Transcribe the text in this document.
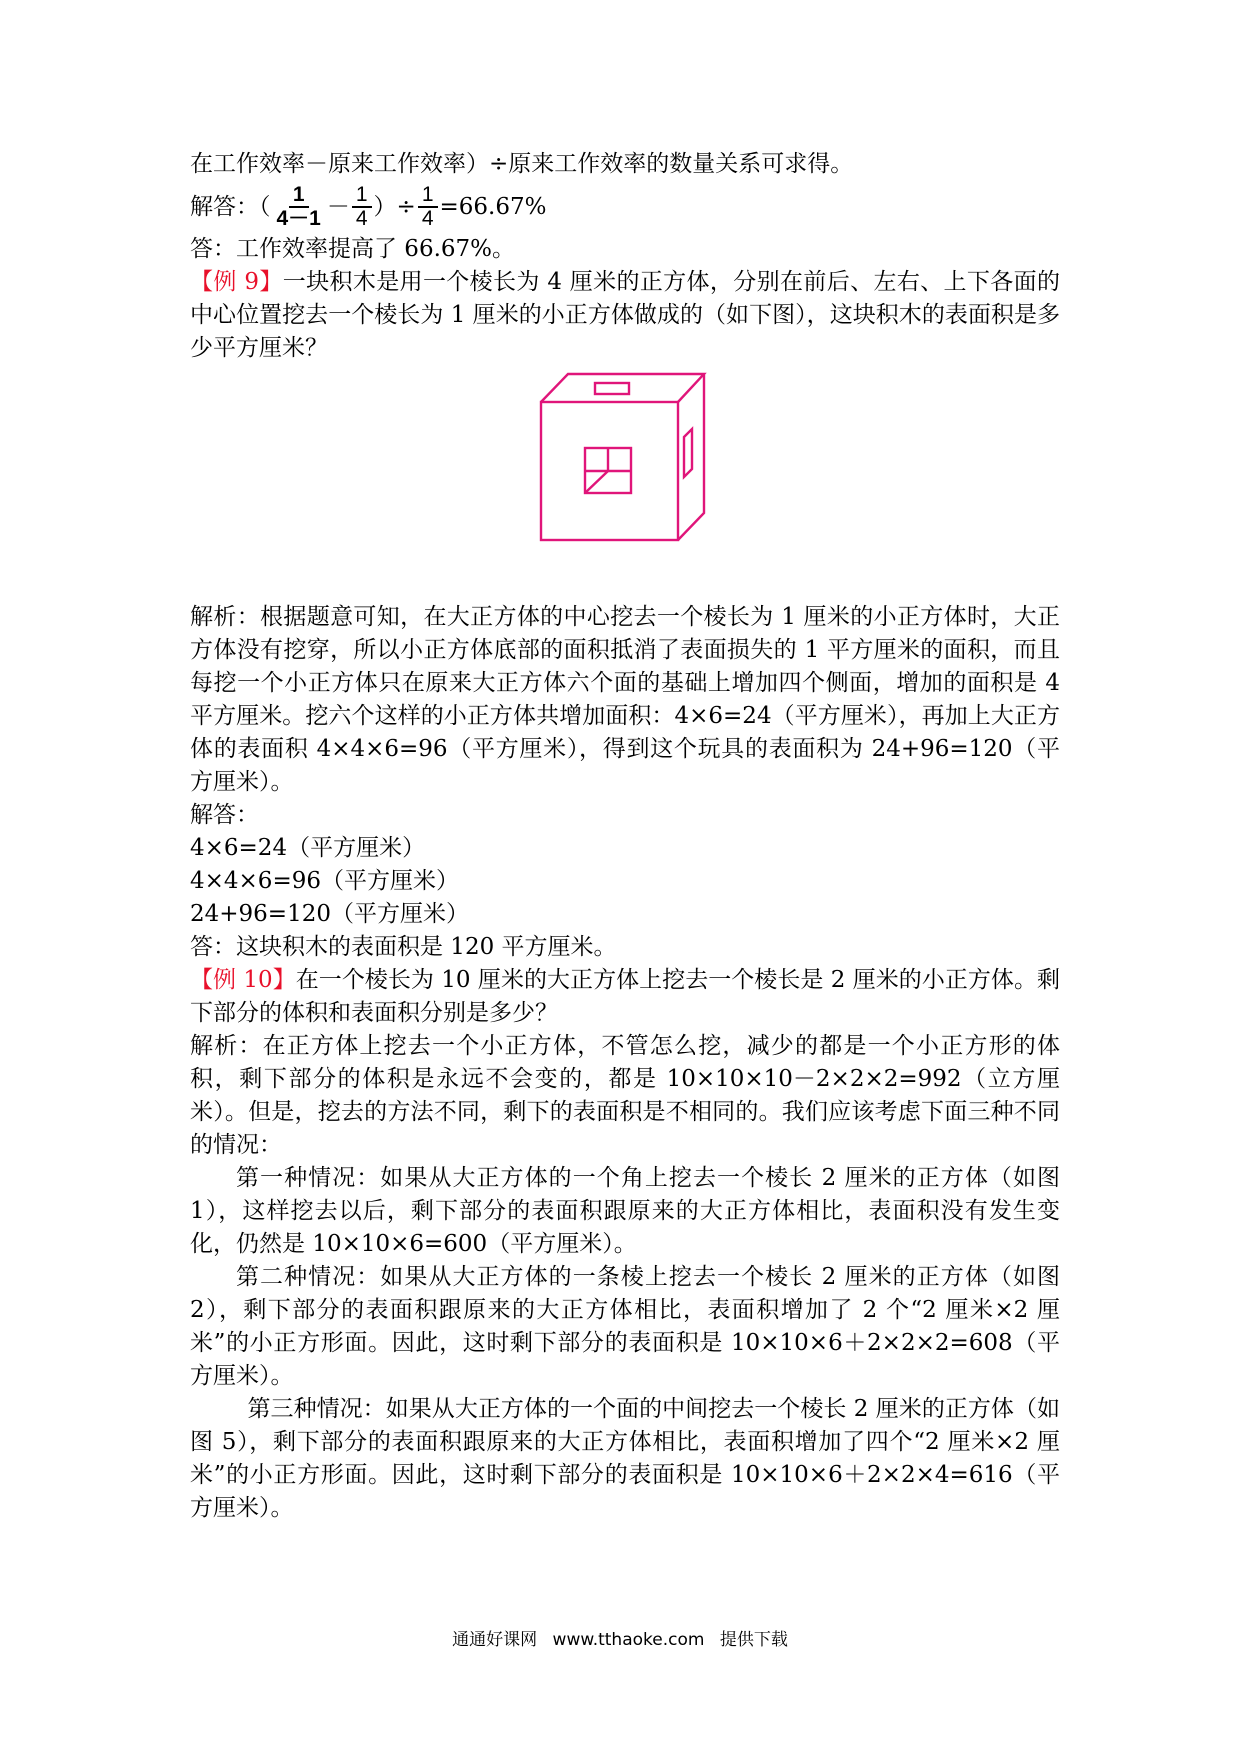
在工作效率－原来工作效率）÷原来工作效率的数量关系可求得。

解答：（ $\frac{1}{4-1} - \frac{1}{4}$ ）÷ $\frac{1}{4} =66.67\%$

答：工作效率提高了 66.67%。

【例 9】一块积木是用一个棱长为 4 厘米的正方体，分别在前后、左右、上下各面的中心位置挖去一个棱长为 1 厘米的小正方体做成的（如下图），这块积木的表面积是多少平方厘米？

解析：根据题意可知，在大正方体的中心挖去一个棱长为 1 厘米的小正方体时，大正方体没有挖穿，所以小正方体底部的面积抵消了表面损失的 1 平方厘米的面积，而且每挖一个小正方体只在原来大正方体六个面的基础上增加四个侧面，增加的面积是 4 平方厘米。挖六个这样的小正方体共增加面积：4×6=24（平方厘米），再加上大正方体的表面积 4×4×6=96（平方厘米），得到这个玩具的表面积为 24+96=120（平方厘米）。

解答：

4×6=24（平方厘米）

4×4×6=96（平方厘米）

24+96=120（平方厘米）

答：这块积木的表面积是 120 平方厘米。

【例 10】在一个棱长为 10 厘米的大正方体上挖去一个棱长是 2 厘米的小正方体。剩下部分的体积和表面积分别是多少？

解析：在正方体上挖去一个小正方体，不管怎么挖，减少的都是一个小正方形的体积，剩下部分的体积是永远不会变的，都是 10×10×10－2×2×2=992（立方厘米）。但是，挖去的方法不同，剩下的表面积是不相同的。我们应该考虑下面三种不同的情况：

第一种情况：如果从大正方体的一个角上挖去一个棱长 2 厘米的正方体（如图 1），这样挖去以后，剩下部分的表面积跟原来的大正方体相比，表面积没有发生变化，仍然是 10×10×6=600（平方厘米）。

第二种情况：如果从大正方体的一条棱上挖去一个棱长 2 厘米的正方体（如图 2），剩下部分的表面积跟原来的大正方体相比，表面积增加了 2 个“2 厘米×2 厘米”的小正方形面。因此，这时剩下部分的表面积是 10×10×6＋2×2×2=608（平方厘米）。

第三种情况：如果从大正方体的一个面的中间挖去一个棱长 2 厘米的正方体（如图 5），剩下部分的表面积跟原来的大正方体相比，表面积增加了四个“2 厘米×2 厘米”的小正方形面。因此，这时剩下部分的表面积是 10×10×6＋2×2×4=616（平方厘米）。

通通好课网 www.tthaoke.com 提供下载
